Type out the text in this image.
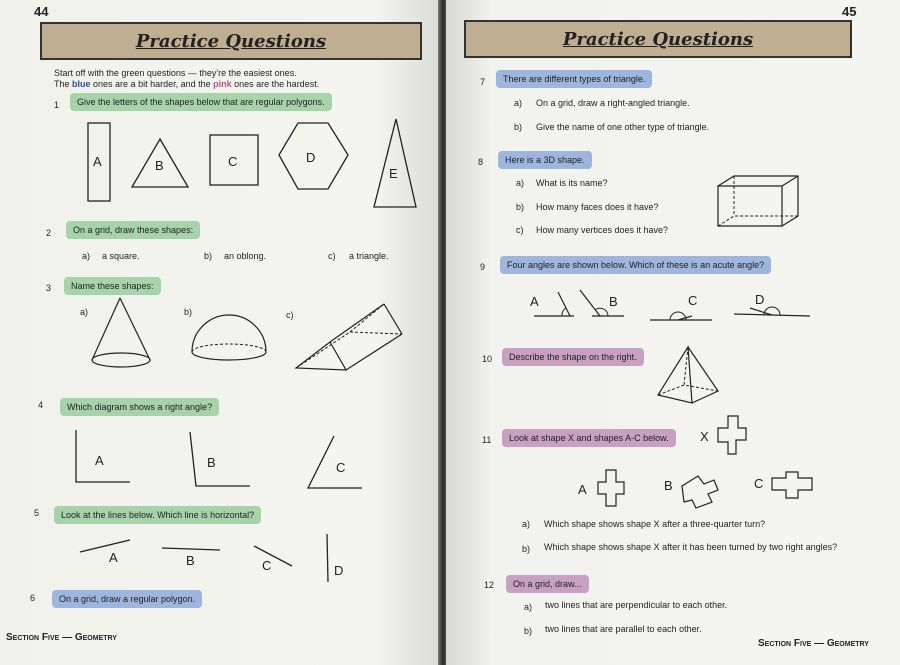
44
Practice Questions
Start off with the green questions — they're the easiest ones.
The blue ones are a bit harder, and the pink ones are the hardest.
1	Give the letters of the shapes below that are regular polygons.
A	B	C	D
E
2	On a grid, draw these shapes:
a) a square.	b) an oblong.	c) a triangle.
3	Name these shapes:
a)	b)	c)
4	Which diagram shows a right angle?
A	B	C
5	Look at the lines below. Which line is horizontal?
A	B	C	D
6	On a grid, draw a regular polygon.
Section Five — Geometry
45
Practice Questions
7	There are different types of triangle.
a) On a grid, draw a right-angled triangle.
b) Give the name of one other type of triangle.
8	Here is a 3D shape.
a) What is its name?
b) How many faces does it have?
c) How many vertices does it have?
9	Four angles are shown below. Which of these is an acute angle?
A	B	C	D
10	Describe the shape on the right.
11	Look at shape X and shapes A-C below.	X
A	B	C
a) Which shape shows shape X after a three-quarter turn?
b) Which shape shows shape X after it has been turned by two right angles?
12	On a grid, draw...
a) two lines that are perpendicular to each other.
b) two lines that are parallel to each other.
Section Five — Geometry
